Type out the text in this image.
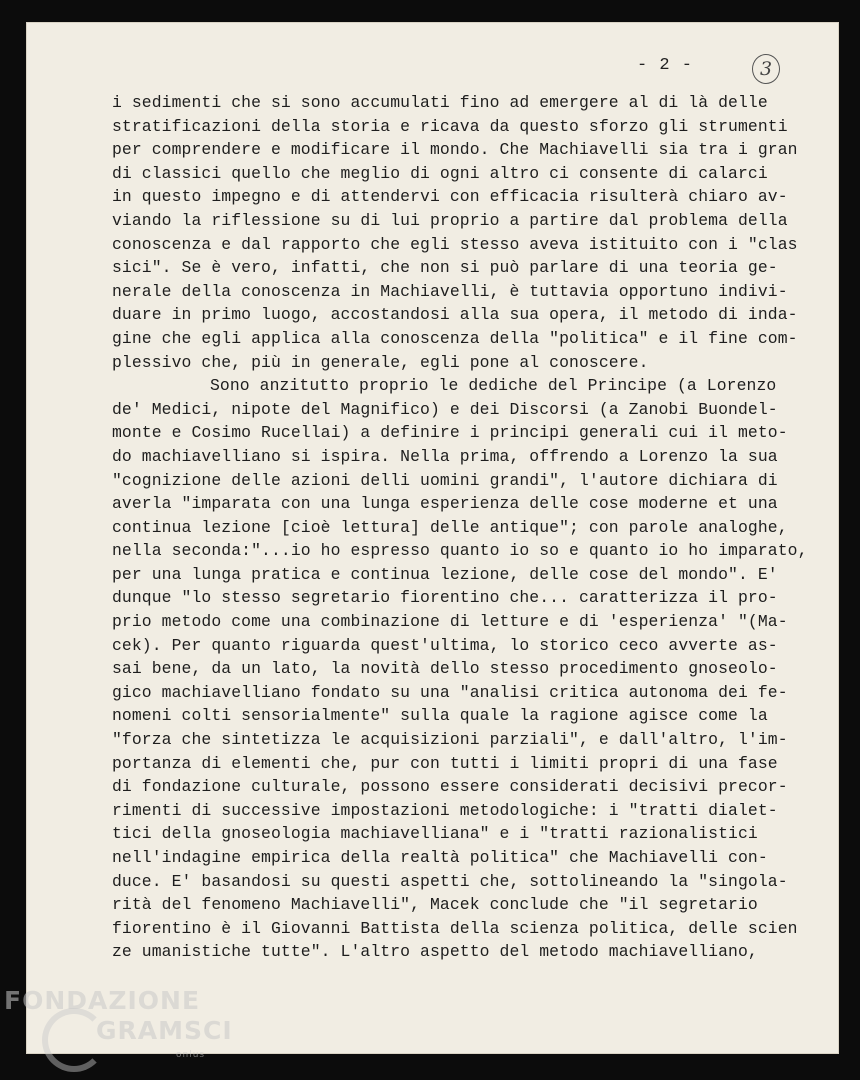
- 2 -	3
i sedimenti che si sono accumulati fino ad emergere al di là delle
stratificazioni della storia e ricava da questo sforzo gli strumenti
per comprendere e modificare il mondo. Che Machiavelli sia tra i gran
di classici quello che meglio di ogni altro ci consente di calarci
in questo impegno e di attendervi con efficacia risulterà chiaro av-
viando la riflessione su di lui proprio a partire dal problema della
conoscenza e dal rapporto che egli stesso aveva istituito con i "clas
sici". Se è vero, infatti, che non si può parlare di una teoria ge-
nerale della conoscenza in Machiavelli, è tuttavia opportuno indivi-
duare in primo luogo, accostandosi alla sua opera, il metodo di inda-
gine che egli applica alla conoscenza della "politica" e il fine com-
plessivo che, più in generale, egli pone al conoscere.
Sono anzitutto proprio le dediche del Principe (a Lorenzo
de' Medici, nipote del Magnifico) e dei Discorsi (a Zanobi Buondel-
monte e Cosimo Rucellai) a definire i principi generali cui il meto-
do machiavelliano si ispira. Nella prima, offrendo a Lorenzo la sua
"cognizione delle azioni delli uomini grandi", l'autore dichiara di
averla "imparata con una lunga esperienza delle cose moderne et una
continua lezione [cioè lettura] delle antique"; con parole analoghe,
nella seconda:"...io ho espresso quanto io so e quanto io ho imparato,
per una lunga pratica e continua lezione, delle cose del mondo". E'
dunque "lo stesso segretario fiorentino che... caratterizza il pro-
prio metodo come una combinazione di letture e di 'esperienza' "(Ma-
cek). Per quanto riguarda quest'ultima, lo storico ceco avverte as-
sai bene, da un lato, la novità dello stesso procedimento gnoseolo-
gico machiavelliano fondato su una "analisi critica autonoma dei fe-
nomeni colti sensorialmente" sulla quale la ragione agisce come la
"forza che sintetizza le acquisizioni parziali", e dall'altro, l'im-
portanza di elementi che, pur con tutti i limiti propri di una fase
di fondazione culturale, possono essere considerati decisivi precor-
rimenti di successive impostazioni metodologiche: i "tratti dialet-
tici della gnoseologia machiavelliana" e i "tratti razionalistici
nell'indagine empirica della realtà politica" che Machiavelli con-
duce. E' basandosi su questi aspetti che, sottolineando la "singola-
rità del fenomeno Machiavelli", Macek conclude che "il segretario
fiorentino è il Giovanni Battista della scienza politica, delle scien
ze umanistiche tutte". L'altro aspetto del metodo machiavelliano,
FONDAZIONE
GRAMSCI
onlus
